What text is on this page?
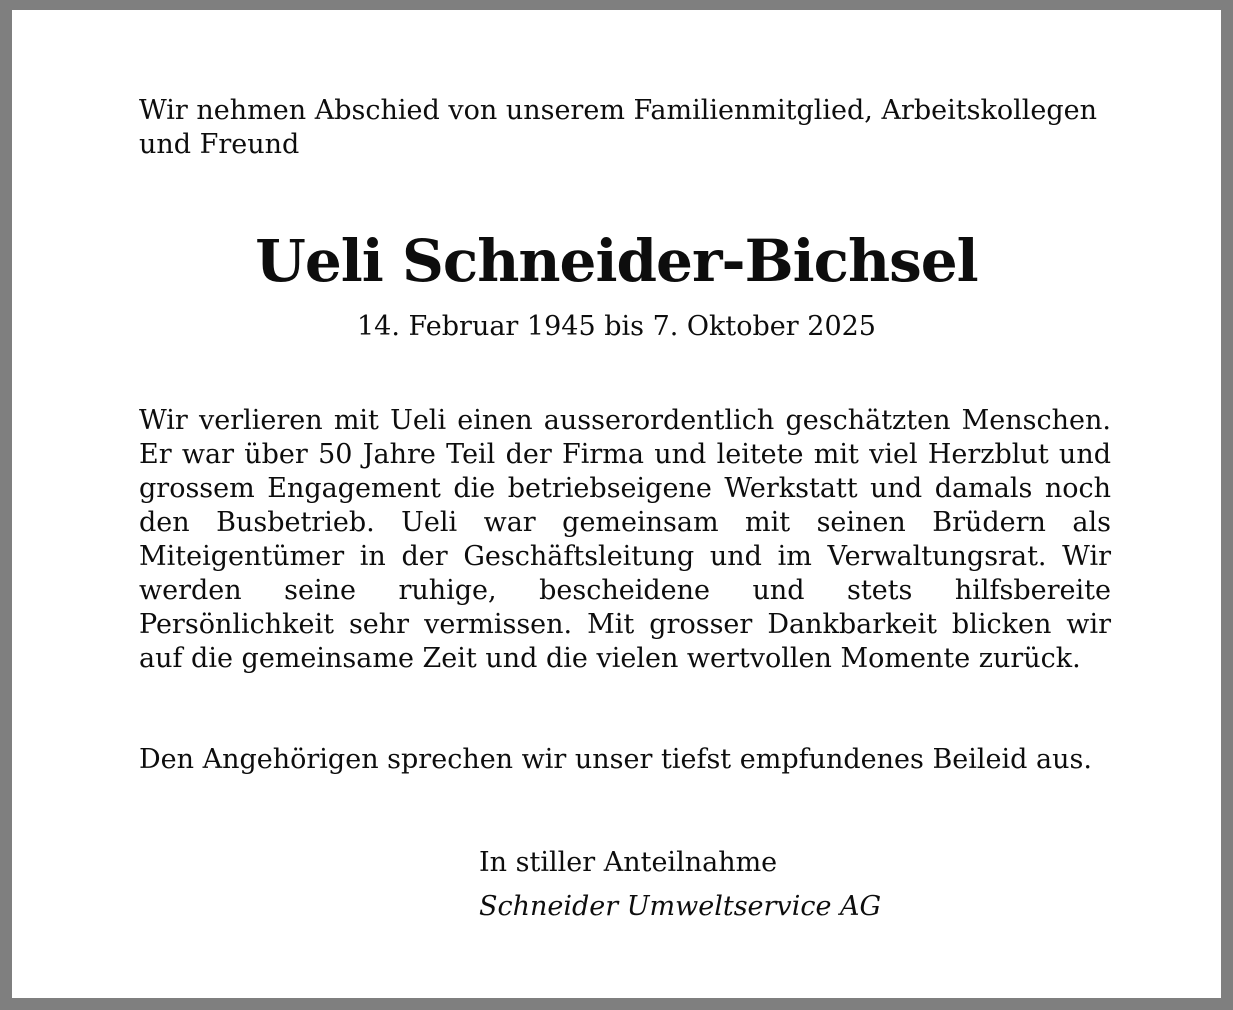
Wir nehmen Abschied von unserem Familienmitglied, Arbeitskollegen und Freund

Ueli Schneider-Bichsel

14. Februar 1945 bis 7. Oktober 2025

Wir verlieren mit Ueli einen ausserordentlich geschätzten Menschen. Er war über 50 Jahre Teil der Firma und leitete mit viel Herzblut und grossem Engagement die betriebseigene Werkstatt und damals noch den Busbetrieb. Ueli war gemeinsam mit seinen Brüdern als Miteigentümer in der Geschäftsleitung und im Verwaltungsrat. Wir werden seine ruhige, bescheidene und stets hilfsbereite Persönlichkeit sehr vermissen. Mit grosser Dankbarkeit blicken wir auf die gemeinsame Zeit und die vielen wertvollen Momente zurück.

Den Angehörigen sprechen wir unser tiefst empfundenes Beileid aus.

In stiller Anteilnahme
Schneider Umweltservice AG
